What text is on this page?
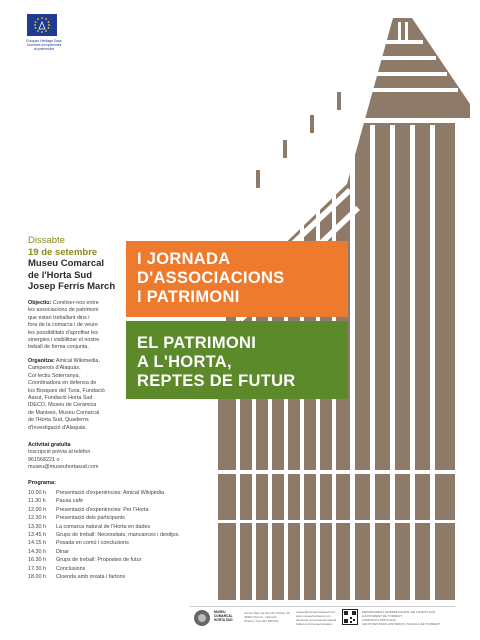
Europan Heritage Days
Journées européennes
du patrimoine
Dissabte
19 de setembre
Museu Comarcal
de l'Horta Sud
Josep Ferrís March
Objectiu: Conéixer-nos entre
les associacions de patrimoni
que estan treballant dins i
fora de la comarca i de veure
les possibilitats d'aprofitar les
sinergies i visibilitzar el nostre
treball de forma conjunta.
Organitza: Amical Wikimedia,
Camperols d'Alaquàs,
Col·lectiu Soterranya,
Coordinadora en defensa de
los Bosques del Turia, Fundació
Assut, Fundació Horta Sud
IDECO, Museu de Ceràmica
de Manises, Museu Comarcal
de l'Horta Sud, Quaderns
d'Investigació d'Alaquàs.
Activitat gratuïta
Inscripció prèvia al telèfon
961568221 o
museu@museuhortasud.com
Programa:
10.00 h Presentació d'experiències: Amical Wikipèdia
11.30 h Pausa café
12.00 h Presentació d'experiències: Per l'Horta
12.30 h Presentació dels participants
13.30 h La comarca natural de l'Horta en dades
13.45 h Grups de treball: Necessitats, mancances i desitjos.
14.15 h Posada en comú i conclusions
14.30 h Dinar
16.30 h Grups de treball: Propostes de futur
17.30 h Conclusions
18.00 h Cloenda amb orxata i fartons
I JORNADA
D'ASSOCIACIONS
I PATRIMONI
EL PATRIMONI
A L'HORTA,
REPTES DE FUTUR
MUSEU
COMARCAL
HORTA SUD
Carrer Mare de Déu de l'Olivar, 30
46960 Torrent · València
Telèfon / Fax 961 568 221
museu@museuhortasud.com
www.museuhortasud.com
facebook.com/museuhortasud
twitter.com/museuhortasud
DEPARTAMENT INTERMUNICIPAL DE L'HORTA SUD
AJUNTAMENT DE TORRENT
FUNDACIÓ HORTA SUD
GRUP D'ESTUDIS HISTÒRICS I SOCIALS DE TORRENT
